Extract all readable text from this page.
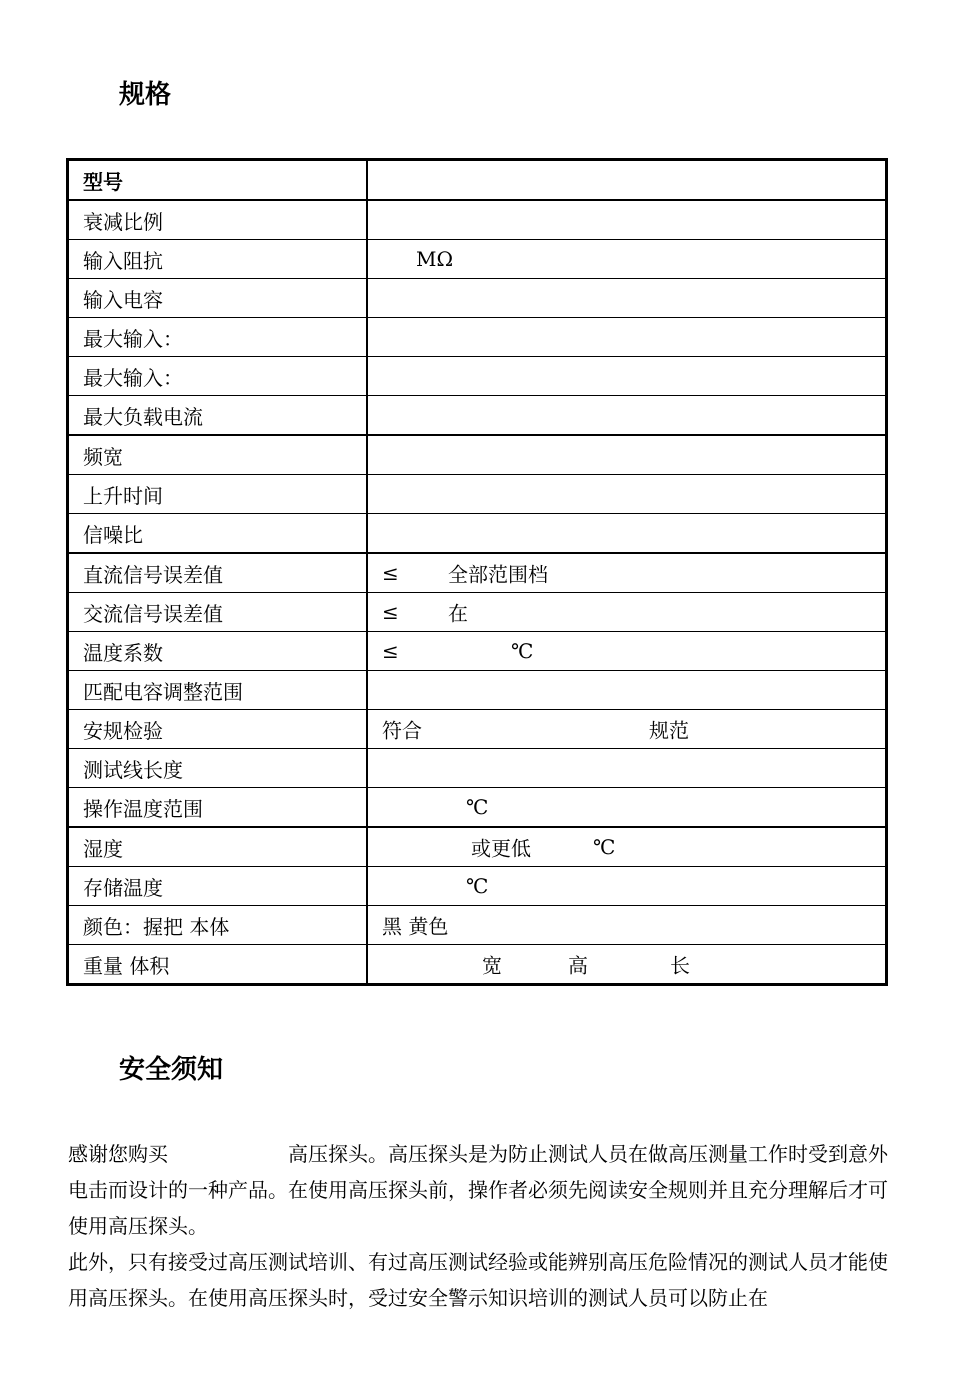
规格
型号	
衰减比例	
输入阻抗	MΩ

输入电容	
最大输入：	
最大输入：	
最大负载电流	
频宽	
上升时间	
信噪比	
直流信号误差值	≤ 全部范围档

交流信号误差值	≤ 在

温度系数	≤ ℃

匹配电容调整范围	
安规检验	符合 规范

测试线长度	
操作温度范围	℃

湿度	或更低 ℃

存储温度	℃

颜色：握把 本体	黑 黄色

重量 体积	宽 高 长
安全须知

感谢您购买　　　　　　高压探头。高压探头是为防止测试人员在做高压测量工作时受到意外电击而设计的一种产品。在使用高压探头前，操作者必须先阅读安全规则并且充分理解后才可使用高压探头。

此外，只有接受过高压测试培训、有过高压测试经验或能辨别高压危险情况的测试人员才能使用高压探头。在使用高压探头时，受过安全警示知识培训的测试人员可以防止在
